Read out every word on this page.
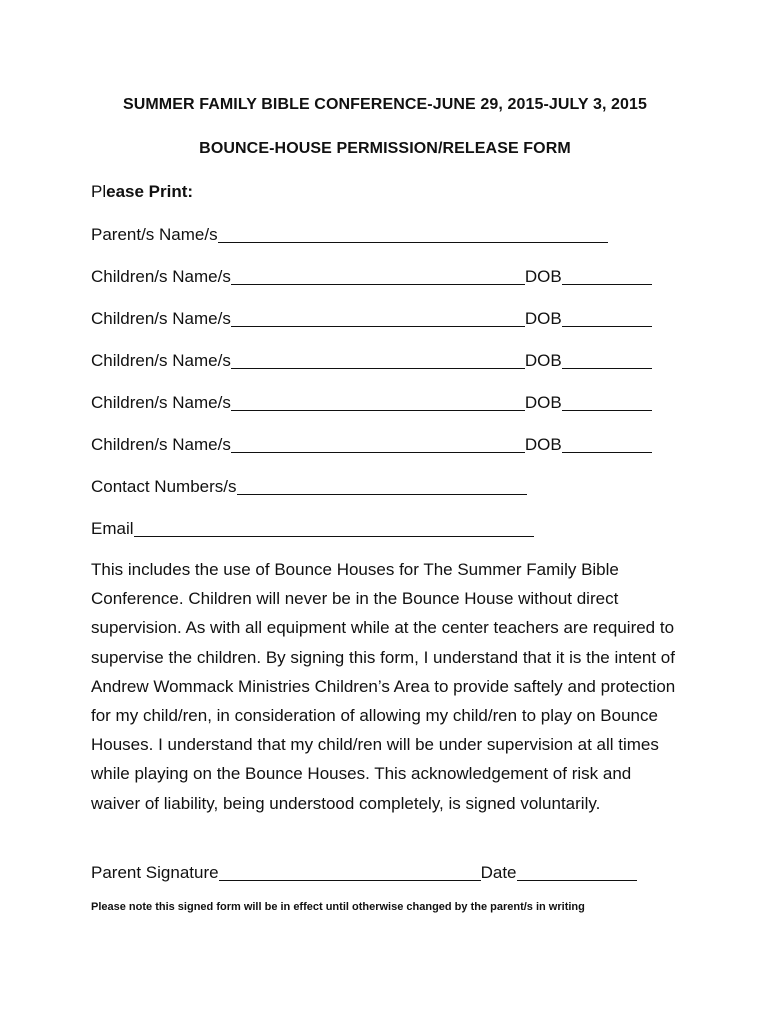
SUMMER FAMILY BIBLE CONFERENCE-JUNE 29, 2015-JULY 3, 2015
BOUNCE-HOUSE PERMISSION/RELEASE FORM
Please Print:
Parent/s Name/s
Children/s Name/s	DOB
Children/s Name/s	DOB
Children/s Name/s	DOB
Children/s Name/s	DOB
Children/s Name/s	DOB
Contact Numbers/s
Email

This includes the use of Bounce Houses for The Summer Family Bible Conference. Children will never be in the Bounce House without direct supervision. As with all equipment while at the center teachers are required to supervise the children. By signing this form, I understand that it is the intent of Andrew Wommack Ministries Children’s Area to provide saftely and protection for my child/ren, in consideration of allowing my child/ren to play on Bounce Houses. I understand that my child/ren will be under supervision at all times while playing on the Bounce Houses. This acknowledgement of risk and waiver of liability, being understood completely, is signed voluntarily.

Parent Signature	Date
Please note this signed form will be in effect until otherwise changed by the parent/s in writing
